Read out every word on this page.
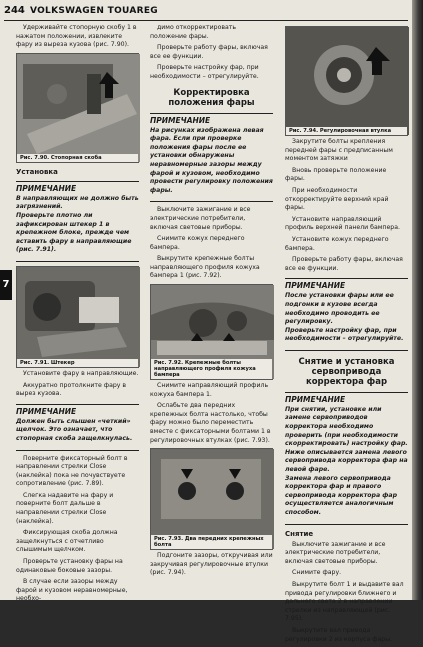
244 VOLKSWAGEN TOUAREG
7

Удерживайте стопорную скобу 1 в нажатом положении, извлеките фару из выреза кузова (рис. 7.90).

Рис. 7.90. Стопорная скоба
Установка
ПРИМЕЧАНИЕ

В направляющих не должно быть загрязнений.
Проверьте плотно ли зафиксирован штекер 1 в крепежном блоке, прежде чем вставить фару в направляющие (рис. 7.91).

Рис. 7.91. Штекер

Установите фару в направляющие.

Аккуратно протолкните фару в вырез кузова.

ПРИМЕЧАНИЕ

Должен быть слышен «четкий» щелчок. Это означает, что стопорная скоба защелкнулась.

Поверните фиксаторный болт в направлении стрелки Close (наклейка) пока не почувствуете сопротивление (рис. 7.89).

Слегка надавите на фару и поверните болт дальше в направлении стрелки Close (наклейка).

Фиксирующая скоба должна защелкнуться с отчетливо слышимым щелчком.

Проверьте установку фары на одинаковые боковые зазоры.

В случае если зазоры между фарой и кузовом неравномерные, необхо-

димо откорректировать положение фары.

Проверьте работу фары, включая все ее функции.

Проверьте настройку фар, при необходимости – отрегулируйте.

Корректировка положения фары
ПРИМЕЧАНИЕ

На рисунках изображена левая фара. Если при проверке положения фары после ее установки обнаружены неравномерные зазоры между фарой и кузовом, необходимо провести регулировку положения фары.

Выключите зажигание и все электрические потребители, включая световые приборы.

Снимите кожух переднего бампера.

Выкрутите крепежные болты направляющего профиля кожуха бампера 1 (рис. 7.92).

Рис. 7.92. Крепежные болты направляющего профиля кожуха бампера

Снимите направляющий профиль кожуха бампера 1.

Ослабьте два передних крепежных болта настолько, чтобы фару можно было переместить вместе с фиксаторными болтами 1 в регулировочных втулках (рис. 7.93).

Рис. 7.93. Два передних крепежных болта

Подгоните зазоры, откручивая или закручивая регулировочные втулки (рис. 7.94).

Рис. 7.94. Регулировочная втулка

Закрутите болты крепления передней фары с предписанным моментом затяжки

Вновь проверьте положение фары.

При необходимости откорректируйте верхний край фары.

Установите направляющий профиль верхней панели бампера.

Установите кожух переднего бампера.

Проверьте работу фары, включая все ее функции.

ПРИМЕЧАНИЕ

После установки фары или ее подгонки в кузове всегда необходимо проводить ее регулировку.
Проверьте настройку фар, при необходимости – отрегулируйте.

Снятие и установка сервопривода корректора фар
ПРИМЕЧАНИЕ

При снятии, установке или замене сервоприводов корректора необходимо проверить (при необходимости скорректировать) настройку фар. Ниже описывается замена левого сервопривода корректора фар на левой фаре.
Замена левого сервопривода корректора фар и правого сервопривода корректора фар осуществляется аналогичным способом.

Снятие

Выключите зажигание и все электрические потребители, включая световые приборы.

Снимите фару.

Выкрутите болт 1 и выдавите вал привода регулировки ближнего и дальнего света 2 в направлении стрелки из направляющей (рис. 7.95).

Выкрутите вал привода регулировки 2 из корпуса фары.
